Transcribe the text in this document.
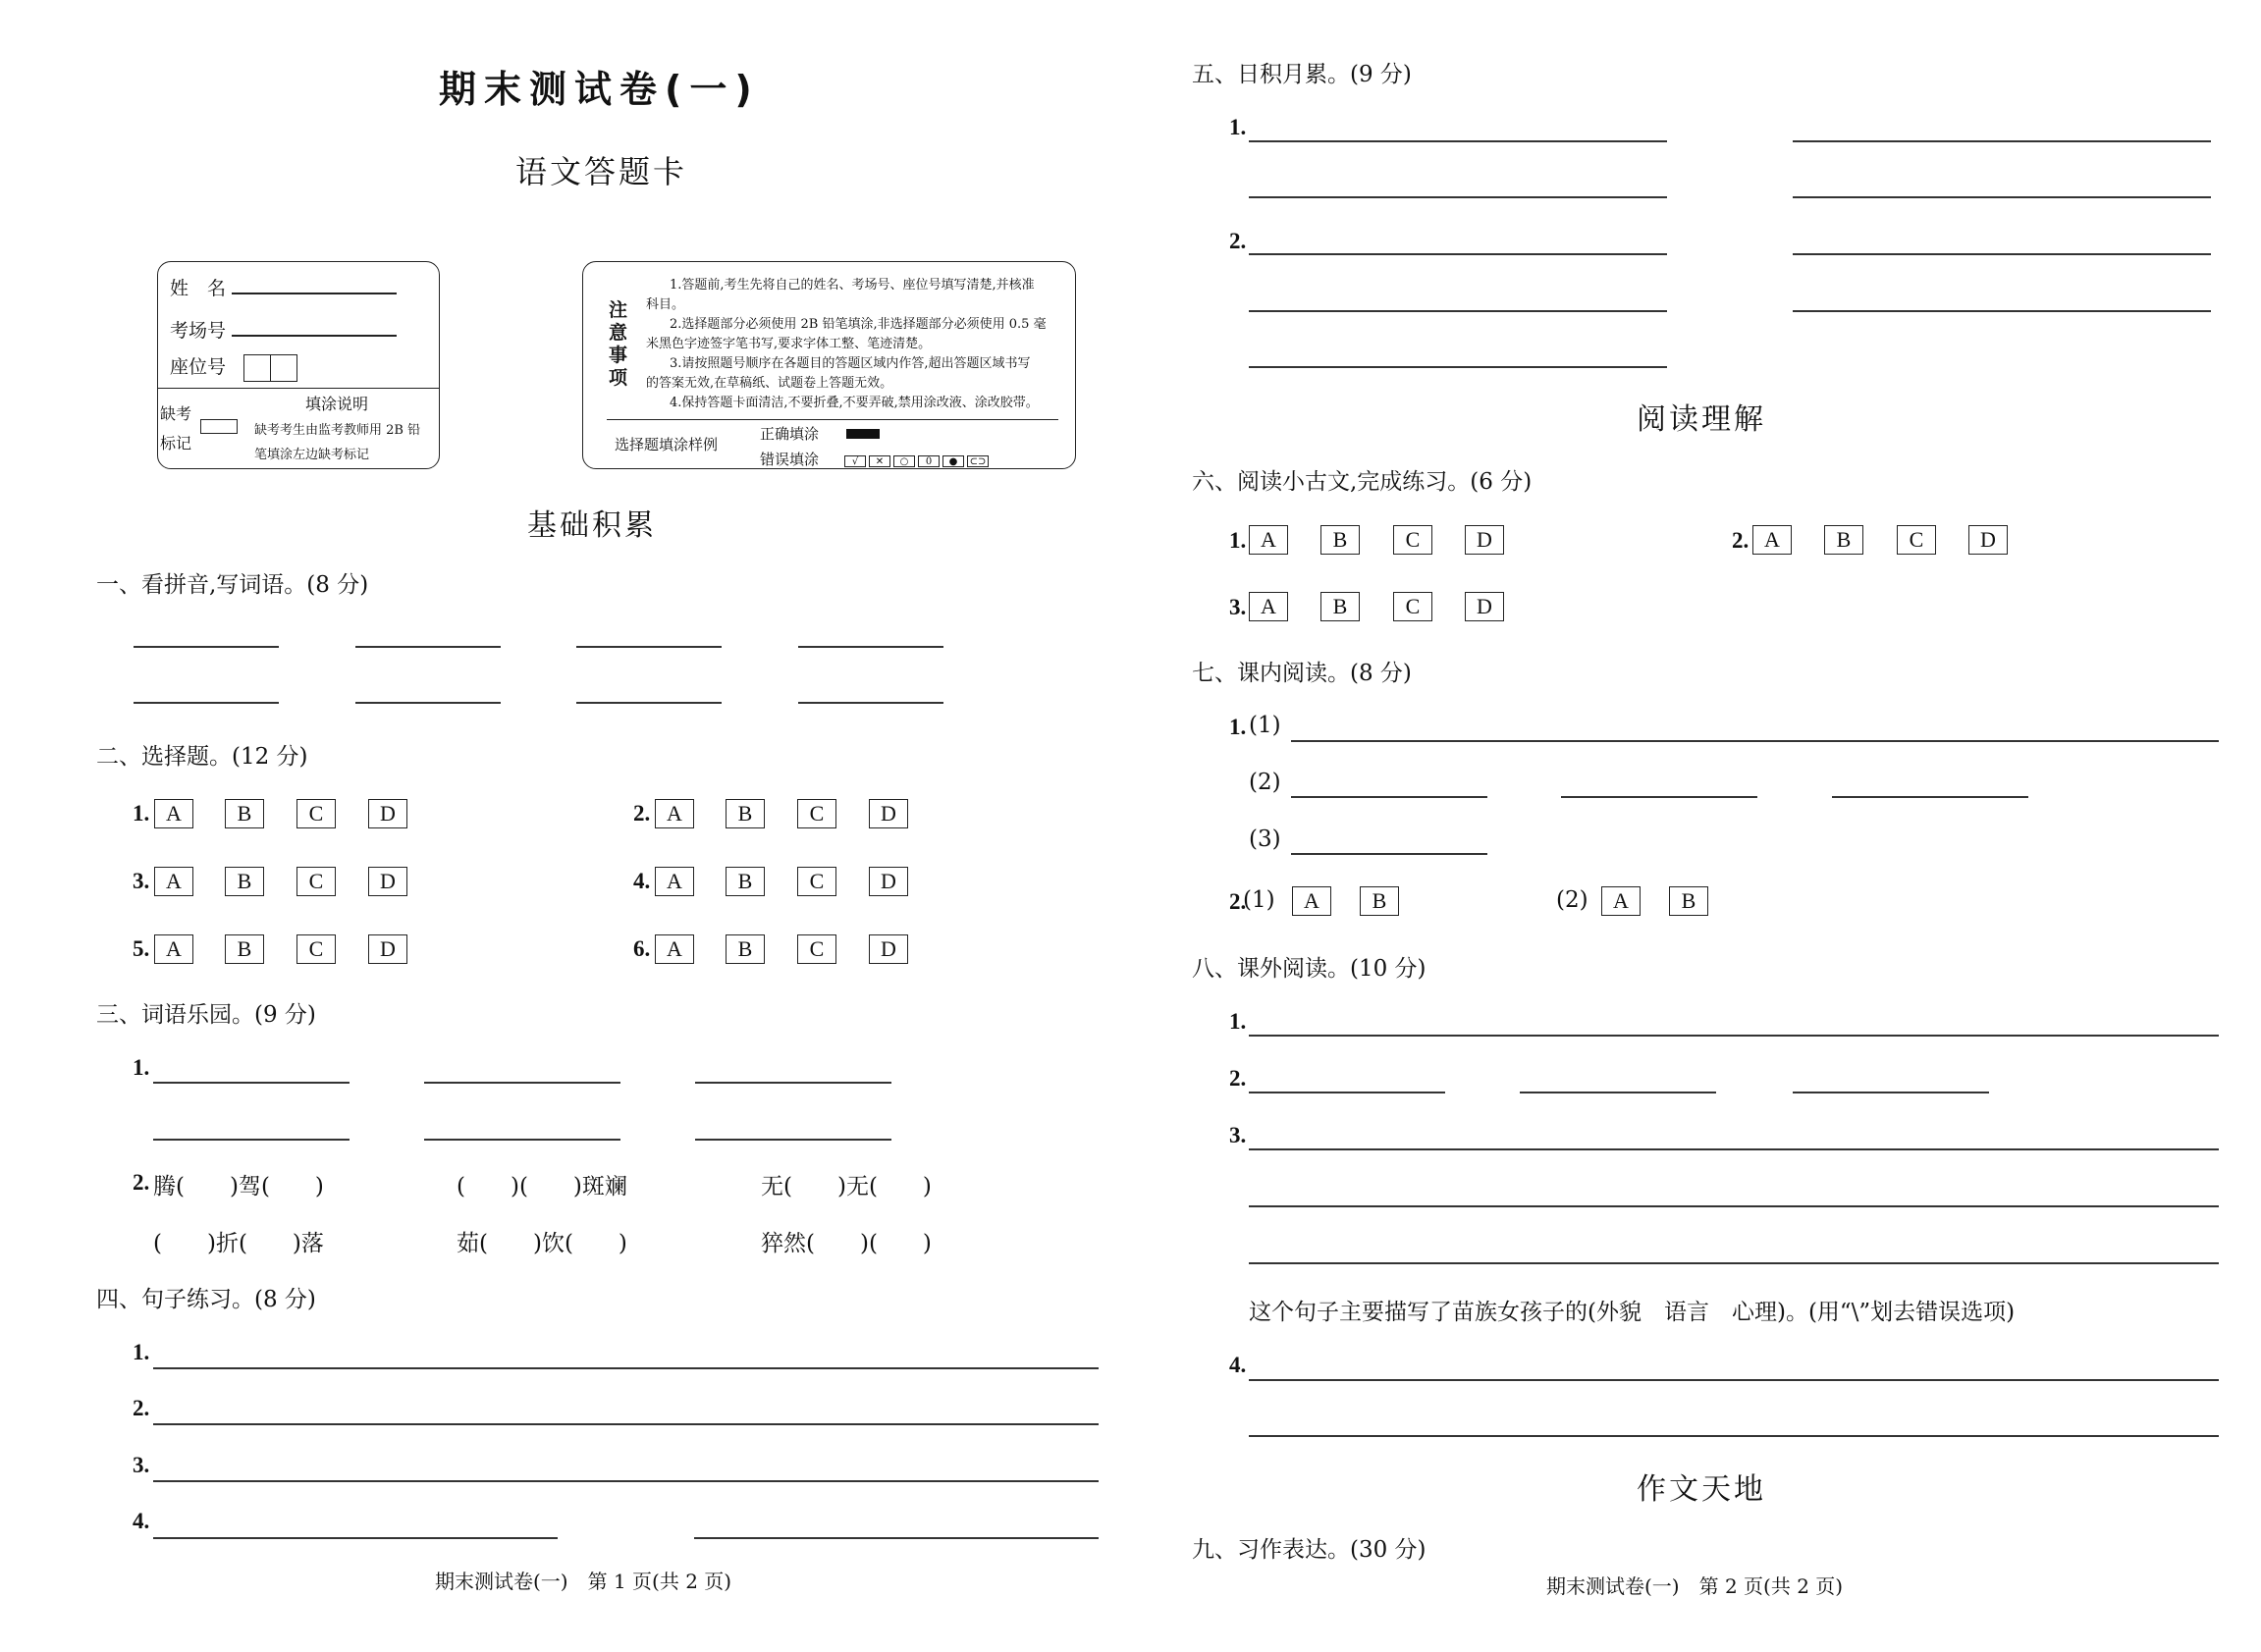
期末测试卷(一)
语文答题卡
姓　名
考场号
座位号
缺考
标记
填涂说明
缺考考生由监考教师用 2B 铅
笔填涂左边缺考标记
注
意
事
项
1.答题前,考生先将自己的姓名、考场号、座位号填写清楚,并核准
科目。
2.选择题部分必须使用 2B 铅笔填涂,非选择题部分必须使用 0.5 毫
米黑色字迹签字笔书写,要求字体工整、笔迹清楚。
3.请按照题号顺序在各题目的答题区域内作答,超出答题区域书写
的答案无效,在草稿纸、试题卷上答题无效。
4.保持答题卡面清洁,不要折叠,不要弄破,禁用涂改液、涂改胶带。
选择题填涂样例
正确填涂
错误填涂	√ ✕ ○ 0 ● ⊂⊃
基础积累
一、看拼音,写词语。(8 分)
二、选择题。(12 分)
1. A	B	C	D	2. A	B	C	D
3. A	B	C	D	4. A	B	C	D
5. A	B	C	D	6. A	B	C	D
三、词语乐园。(9 分)
1.
2. 腾(　　)驾(　　)	(　　)(　　)斑斓	无(　　)无(　　)
(　　)折(　　)落	茹(　　)饮(　　)	猝然(　　)(　　)
四、句子练习。(8 分)
1.
2.
3.
4.
期末测试卷(一)　第 1 页(共 2 页)
五、日积月累。(9 分)
1.
2.
阅读理解
六、阅读小古文,完成练习。(6 分)
1. A	B	C	D	2. A	B	C	D
3. A	B	C	D
七、课内阅读。(8 分)
1. (1)
(2)
(3)
2.
(1)	A	B	(2)	A	B
八、课外阅读。(10 分)
1.
2.
3.
这个句子主要描写了苗族女孩子的(外貌　语言　心理)。(用“\”划去错误选项)
4.
作文天地
九、习作表达。(30 分)
期末测试卷(一)　第 2 页(共 2 页)
